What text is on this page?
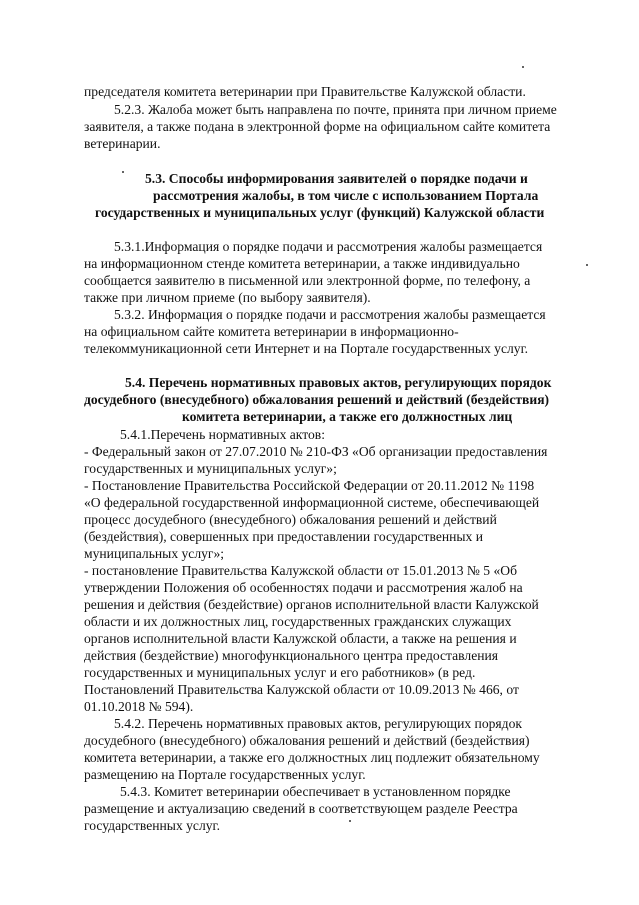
председателя комитета ветеринарии при Правительстве Калужской области.
5.2.3. Жалоба может быть направлена по почте, принята при личном приеме
заявителя, а также подана в электронной форме на официальном сайте комитета
ветеринарии.
5.3. Способы информирования заявителей о порядке подачи и
рассмотрения жалобы, в том числе с использованием Портала
государственных и муниципальных услуг (функций) Калужской области
5.3.1.Информация о порядке подачи и рассмотрения жалобы размещается
на информационном стенде комитета ветеринарии, а также индивидуально
сообщается заявителю в письменной или электронной форме, по телефону, а
также при личном приеме (по выбору заявителя).
5.3.2. Информация о порядке подачи и рассмотрения жалобы размещается
на официальном сайте комитета ветеринарии в информационно-
телекоммуникационной сети Интернет и на Портале государственных услуг.
5.4. Перечень нормативных правовых актов, регулирующих порядок
досудебного (внесудебного) обжалования решений и действий (бездействия)
комитета ветеринарии, а также его должностных лиц
5.4.1.Перечень нормативных актов:
- Федеральный закон от 27.07.2010 № 210-ФЗ «Об организации предоставления
государственных и муниципальных услуг»;
- Постановление Правительства Российской Федерации от 20.11.2012 № 1198
«О федеральной государственной информационной системе, обеспечивающей
процесс досудебного (внесудебного) обжалования решений и действий
(бездействия), совершенных при предоставлении государственных и
муниципальных услуг»;
- постановление Правительства Калужской области от 15.01.2013 № 5 «Об
утверждении Положения об особенностях подачи и рассмотрения жалоб на
решения и действия (бездействие) органов исполнительной власти Калужской
области и их должностных лиц, государственных гражданских служащих
органов исполнительной власти Калужской области, а также на решения и
действия (бездействие) многофункционального центра предоставления
государственных и муниципальных услуг и его работников» (в ред.
Постановлений Правительства Калужской области от 10.09.2013 № 466, от
01.10.2018 № 594).
5.4.2. Перечень нормативных правовых актов, регулирующих порядок
досудебного (внесудебного) обжалования решений и действий (бездействия)
комитета ветеринарии, а также его должностных лиц подлежит обязательному
размещению на Портале государственных услуг.
5.4.3. Комитет ветеринарии обеспечивает в установленном порядке
размещение и актуализацию сведений в соответствующем разделе Реестра
государственных услуг.
